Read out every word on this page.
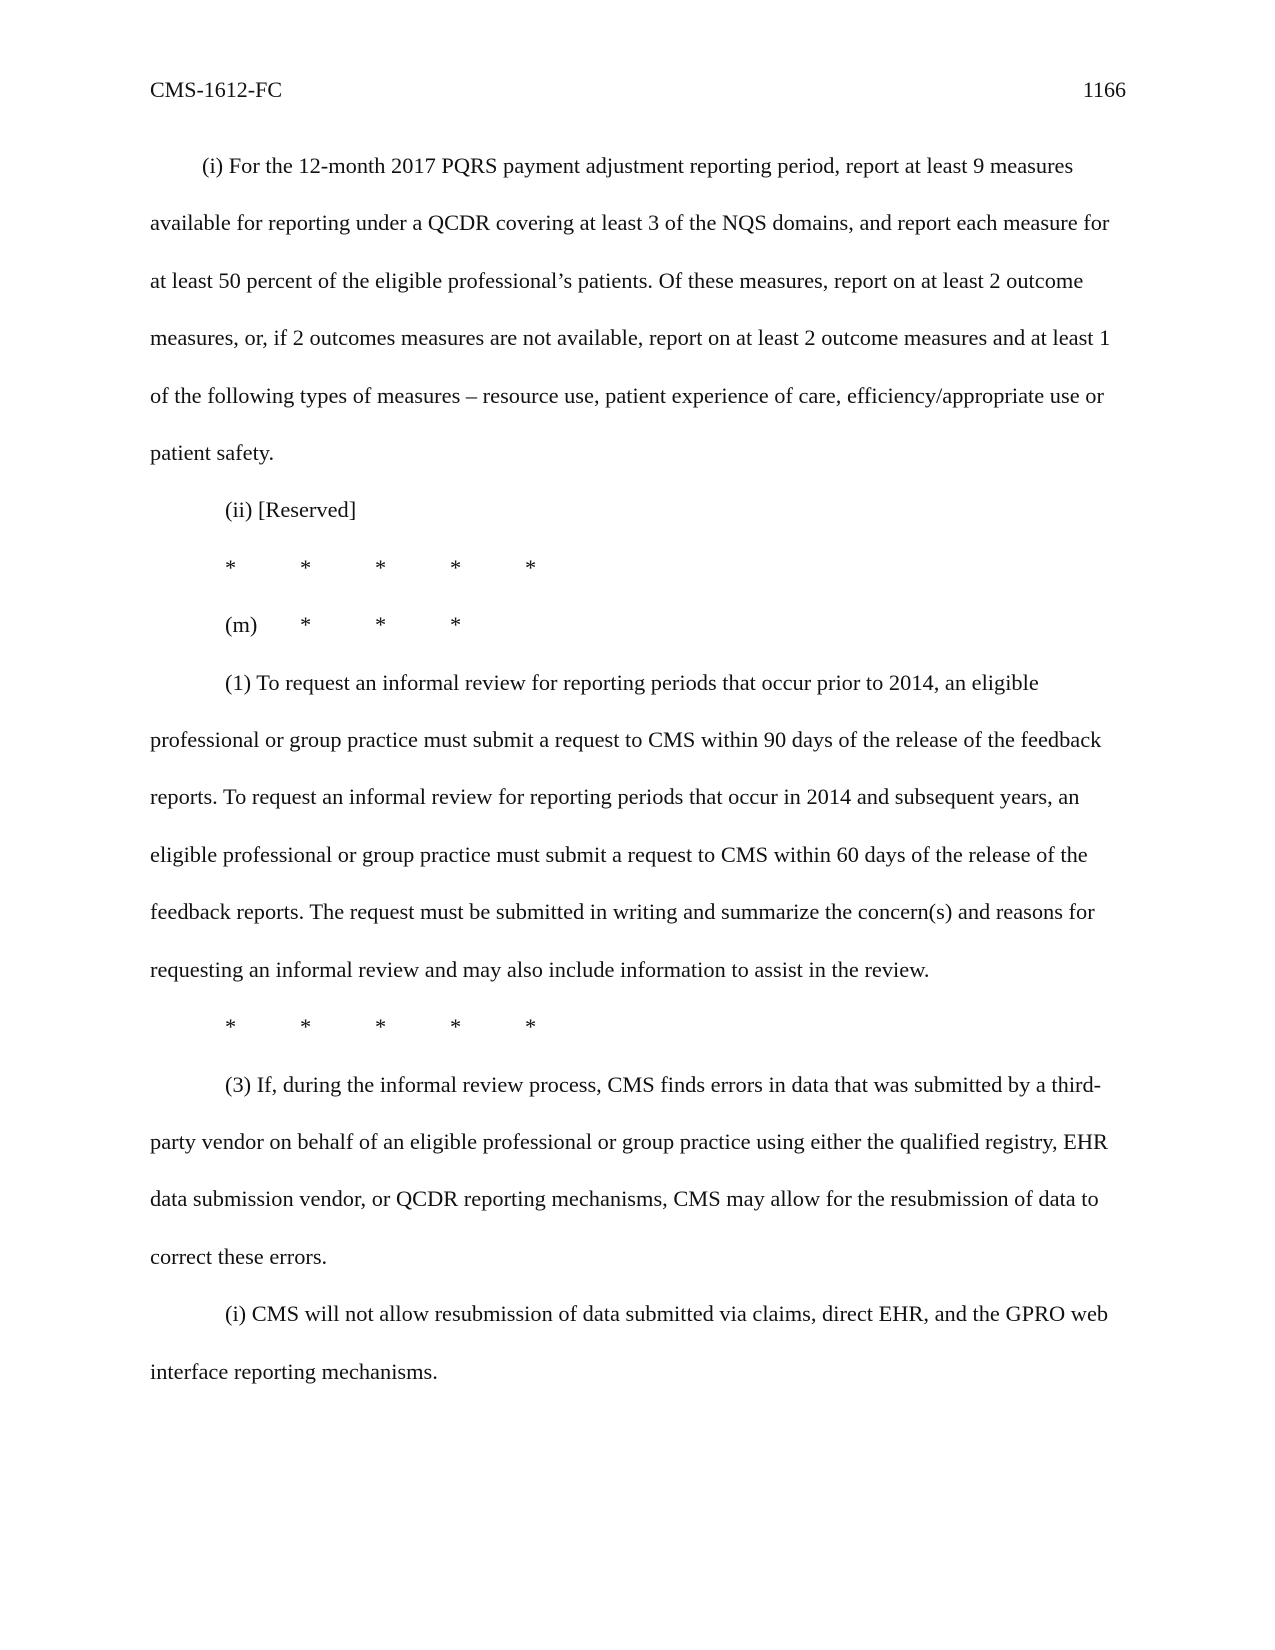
CMS-1612-FC	1166

(i) For the 12-month 2017 PQRS payment adjustment reporting period, report at least 9 measures available for reporting under a QCDR covering at least 3 of the NQS domains, and report each measure for at least 50 percent of the eligible professional’s patients. Of these measures, report on at least 2 outcome measures, or, if 2 outcomes measures are not available, report on at least 2 outcome measures and at least 1 of the following types of measures – resource use, patient experience of care, efficiency/appropriate use or patient safety.

(ii) [Reserved]

*	*	*	*	*

(m) *	*	*

(1) To request an informal review for reporting periods that occur prior to 2014, an eligible professional or group practice must submit a request to CMS within 90 days of the release of the feedback reports. To request an informal review for reporting periods that occur in 2014 and subsequent years, an eligible professional or group practice must submit a request to CMS within 60 days of the release of the feedback reports. The request must be submitted in writing and summarize the concern(s) and reasons for requesting an informal review and may also include information to assist in the review.

*	*	*	*	*

(3) If, during the informal review process, CMS finds errors in data that was submitted by a third-party vendor on behalf of an eligible professional or group practice using either the qualified registry, EHR data submission vendor, or QCDR reporting mechanisms, CMS may allow for the resubmission of data to correct these errors.

(i) CMS will not allow resubmission of data submitted via claims, direct EHR, and the GPRO web interface reporting mechanisms.
